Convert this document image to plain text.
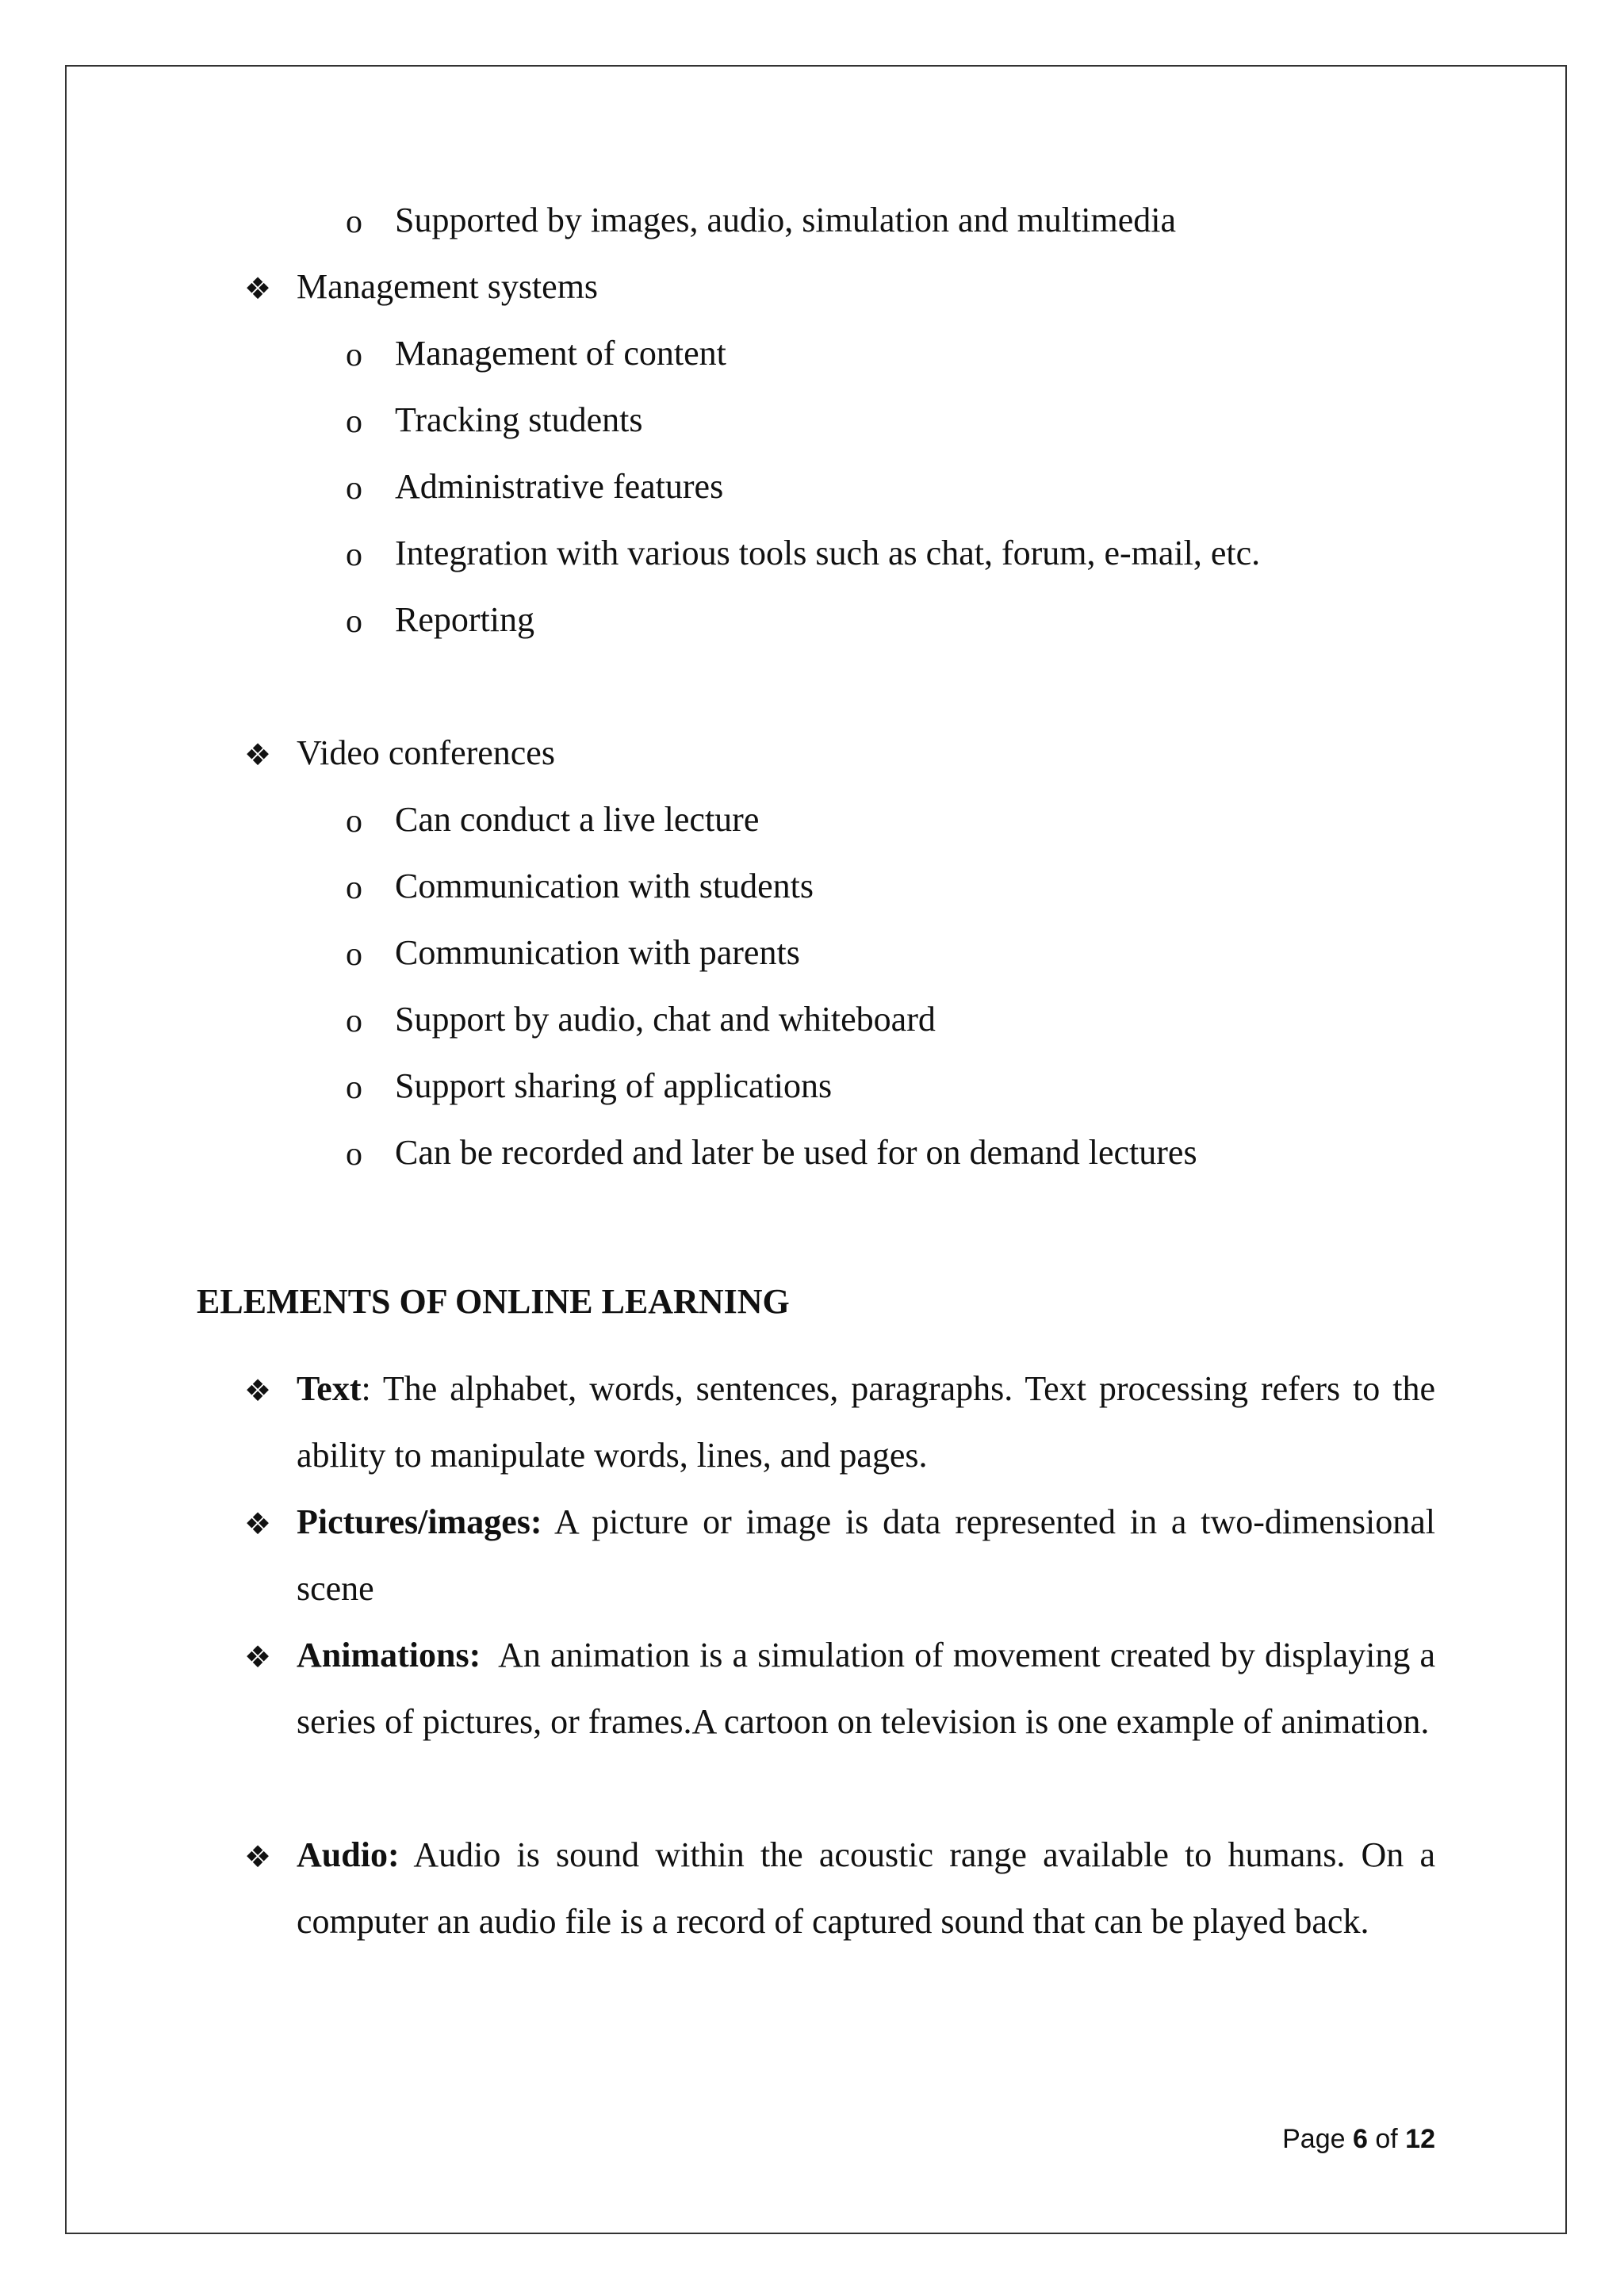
o Supported by images, audio, simulation and multimedia
❖ Management systems
o Management of content
o Tracking students
o Administrative features
o Integration with various tools such as chat, forum, e-mail, etc.
o Reporting
❖ Video conferences
o Can conduct a live lecture
o Communication with students
o Communication with parents
o Support by audio, chat and whiteboard
o Support sharing of applications
o Can be recorded and later be used for on demand lectures
ELEMENTS OF ONLINE LEARNING
❖ Text: The alphabet, words, sentences, paragraphs. Text processing refers to the ability to manipulate words, lines, and pages.
❖ Pictures/images: A picture or image is data represented in a two-dimensional scene
❖ Animations: An animation is a simulation of movement created by displaying a series of pictures, or frames.A cartoon on television is one example of animation.
❖ Audio: Audio is sound within the acoustic range available to humans. On a computer an audio file is a record of captured sound that can be played back.
Page 6 of 12
